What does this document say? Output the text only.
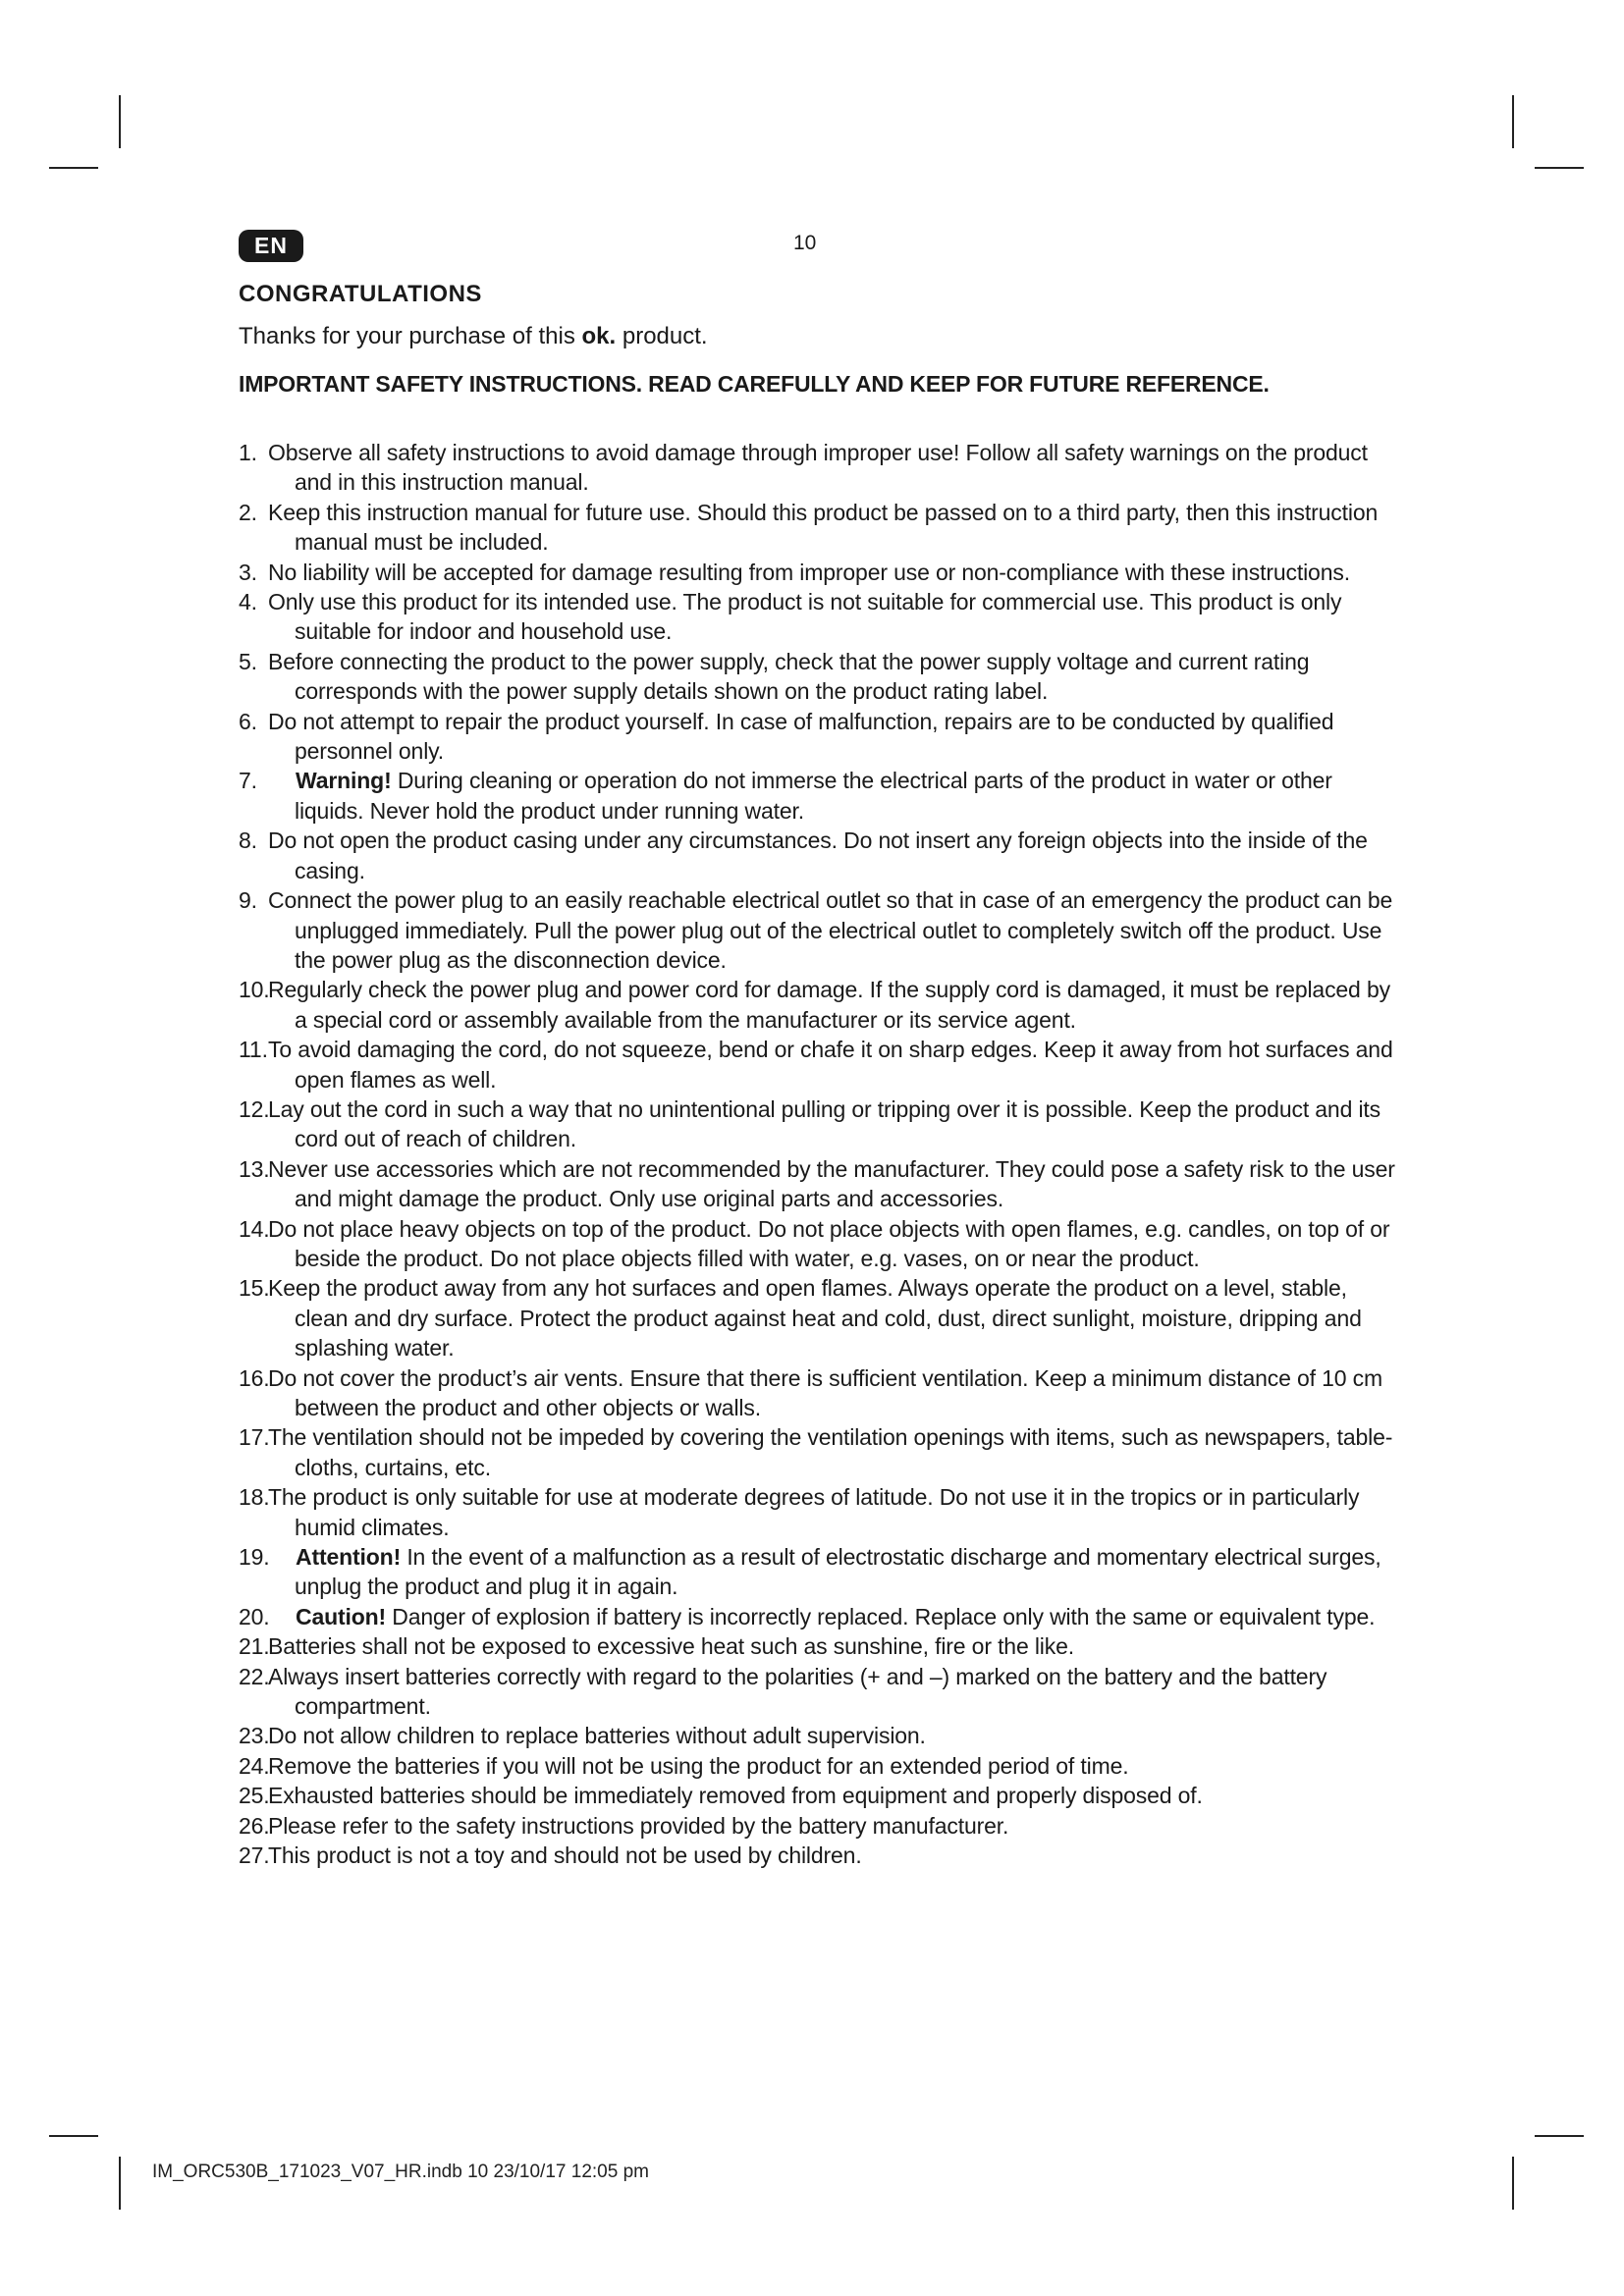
EN	10
CONGRATULATIONS
Thanks for your purchase of this ok. product.
IMPORTANT SAFETY INSTRUCTIONS. READ CAREFULLY AND KEEP FOR FUTURE REFERENCE.
1. Observe all safety instructions to avoid damage through improper use! Follow all safety warnings on the product and in this instruction manual.
2. Keep this instruction manual for future use. Should this product be passed on to a third party, then this instruction manual must be included.
3. No liability will be accepted for damage resulting from improper use or non-compliance with these instructions.
4. Only use this product for its intended use. The product is not suitable for commercial use. This product is only suitable for indoor and household use.
5. Before connecting the product to the power supply, check that the power supply voltage and current rating corresponds with the power supply details shown on the product rating label.
6. Do not attempt to repair the product yourself. In case of malfunction, repairs are to be conducted by qualified personnel only.
7. Warning! During cleaning or operation do not immerse the electrical parts of the product in water or other liquids. Never hold the product under running water.
8. Do not open the product casing under any circumstances. Do not insert any foreign objects into the inside of the casing.
9. Connect the power plug to an easily reachable electrical outlet so that in case of an emergency the product can be unplugged immediately. Pull the power plug out of the electrical outlet to completely switch off the product. Use the power plug as the disconnection device.
10.Regularly check the power plug and power cord for damage. If the supply cord is damaged, it must be replaced by a special cord or assembly available from the manufacturer or its service agent.
11.To avoid damaging the cord, do not squeeze, bend or chafe it on sharp edges. Keep it away from hot surfaces and open flames as well.
12.Lay out the cord in such a way that no unintentional pulling or tripping over it is possible. Keep the product and its cord out of reach of children.
13.Never use accessories which are not recommended by the manufacturer. They could pose a safety risk to the user and might damage the product. Only use original parts and accessories.
14.Do not place heavy objects on top of the product. Do not place objects with open flames, e.g. candles, on top of or beside the product. Do not place objects filled with water, e.g. vases, on or near the product.
15.Keep the product away from any hot surfaces and open flames. Always operate the product on a level, stable, clean and dry surface. Protect the product against heat and cold, dust, direct sunlight, moisture, dripping and splashing water.
16.Do not cover the product’s air vents. Ensure that there is sufficient ventilation. Keep a minimum distance of 10 cm between the product and other objects or walls.
17.The ventilation should not be impeded by covering the ventilation openings with items, such as newspapers, table-cloths, curtains, etc.
18.The product is only suitable for use at moderate degrees of latitude. Do not use it in the tropics or in particularly humid climates.
19. Attention! In the event of a malfunction as a result of electrostatic discharge and momentary electrical surges, unplug the product and plug it in again.
20. Caution! Danger of explosion if battery is incorrectly replaced. Replace only with the same or equivalent type.
21.Batteries shall not be exposed to excessive heat such as sunshine, fire or the like.
22.Always insert batteries correctly with regard to the polarities (+ and –) marked on the battery and the battery compartment.
23.Do not allow children to replace batteries without adult supervision.
24.Remove the batteries if you will not be using the product for an extended period of time.
25.Exhausted batteries should be immediately removed from equipment and properly disposed of.
26.Please refer to the safety instructions provided by the battery manufacturer.
27.This product is not a toy and should not be used by children.
IM_ORC530B_171023_V07_HR.indb 10 23/10/17 12:05 pm
